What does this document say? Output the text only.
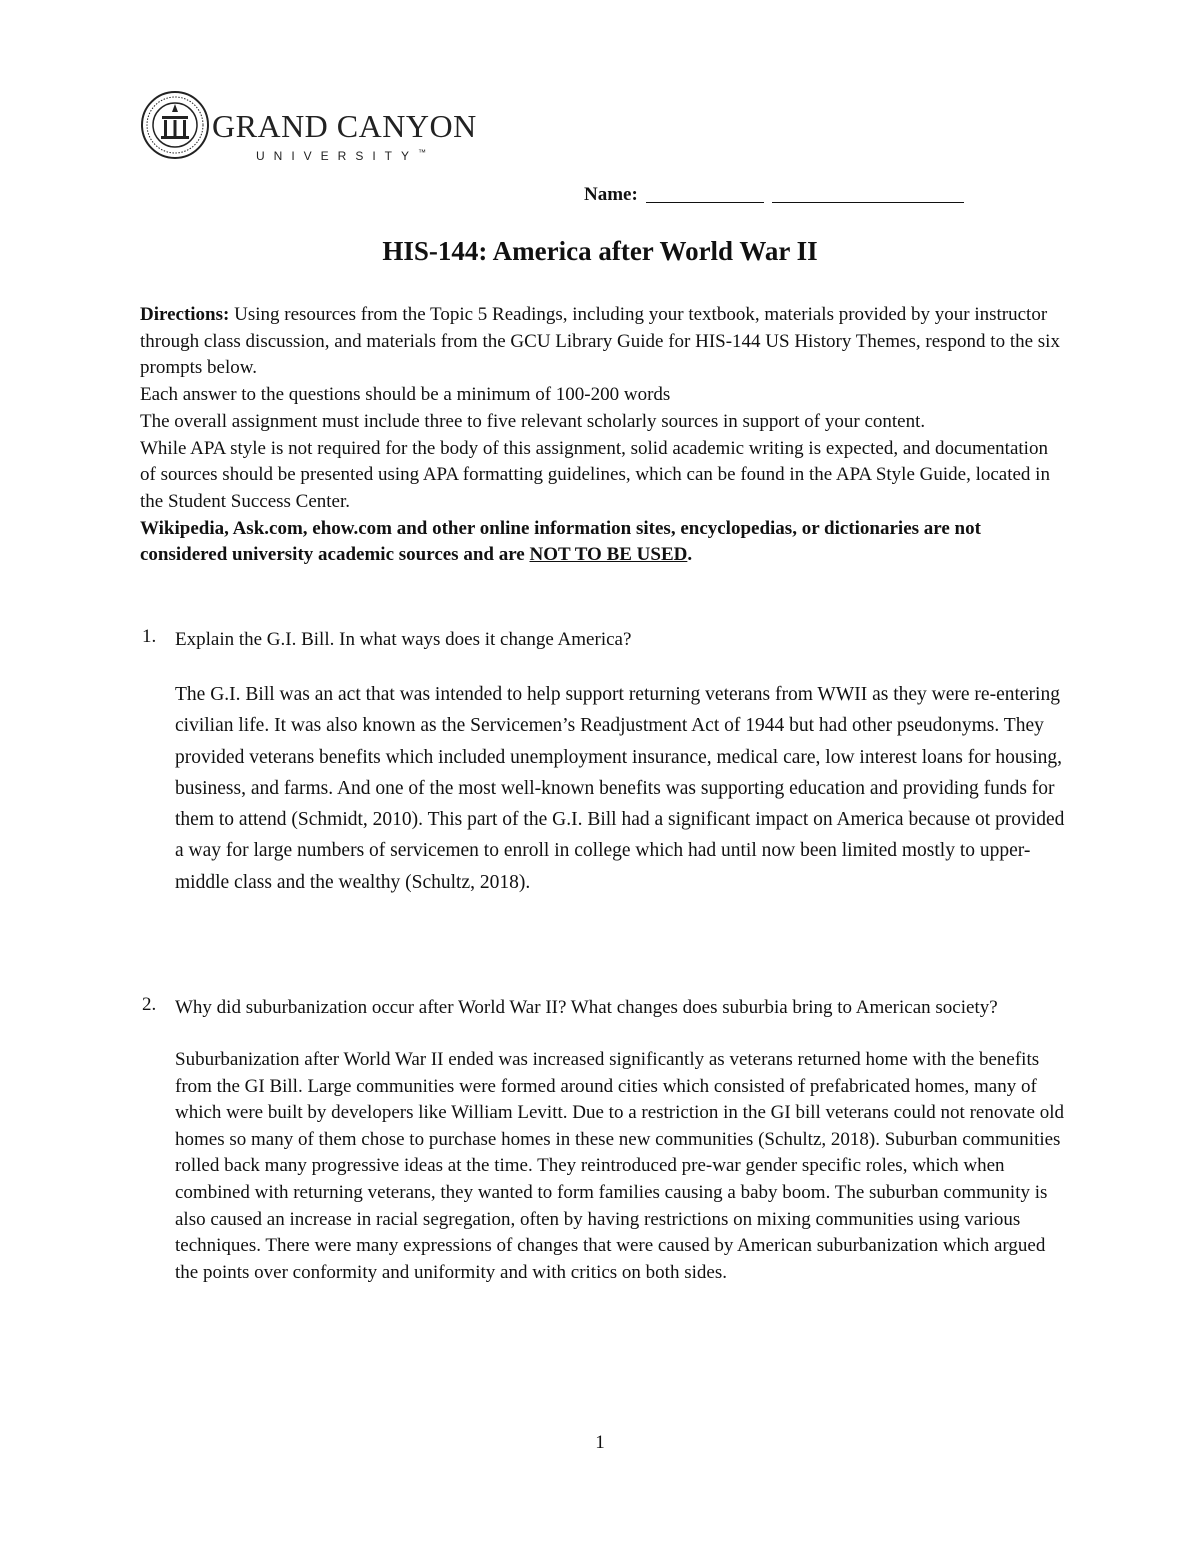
GRAND CANYON
UNIVERSITY™
Name:
HIS-144: America after World War II

Directions: Using resources from the Topic 5 Readings, including your textbook, materials provided by your instructor through class discussion, and materials from the GCU Library Guide for HIS-144 US History Themes, respond to the six prompts below.

Each answer to the questions should be a minimum of 100-200 words

The overall assignment must include three to five relevant scholarly sources in support of your content.

While APA style is not required for the body of this assignment, solid academic writing is expected, and documentation of sources should be presented using APA formatting guidelines, which can be found in the APA Style Guide, located in the Student Success Center.

Wikipedia, Ask.com, ehow.com and other online information sites, encyclopedias, or dictionaries are not considered university academic sources and are NOT TO BE USED.

1. Explain the G.I. Bill. In what ways does it change America?

The G.I. Bill was an act that was intended to help support returning veterans from WWII as they were re-entering civilian life. It was also known as the Servicemen’s Readjustment Act of 1944 but had other pseudonyms. They provided veterans benefits which included unemployment insurance, medical care, low interest loans for housing, business, and farms. And one of the most well-known benefits was supporting education and providing funds for them to attend (Schmidt, 2010). This part of the G.I. Bill had a significant impact on America because ot provided a way for large numbers of servicemen to enroll in college which had until now been limited mostly to upper-middle class and the wealthy (Schultz, 2018).

2. Why did suburbanization occur after World War II? What changes does suburbia bring to American society?

Suburbanization after World War II ended was increased significantly as veterans returned home with the benefits from the GI Bill. Large communities were formed around cities which consisted of prefabricated homes, many of which were built by developers like William Levitt. Due to a restriction in the GI bill veterans could not renovate old homes so many of them chose to purchase homes in these new communities (Schultz, 2018). Suburban communities rolled back many progressive ideas at the time. They reintroduced pre-war gender specific roles, which when combined with returning veterans, they wanted to form families causing a baby boom. The suburban community is also caused an increase in racial segregation, often by having restrictions on mixing communities using various techniques. There were many expressions of changes that were caused by American suburbanization which argued the points over conformity and uniformity and with critics on both sides.

1
